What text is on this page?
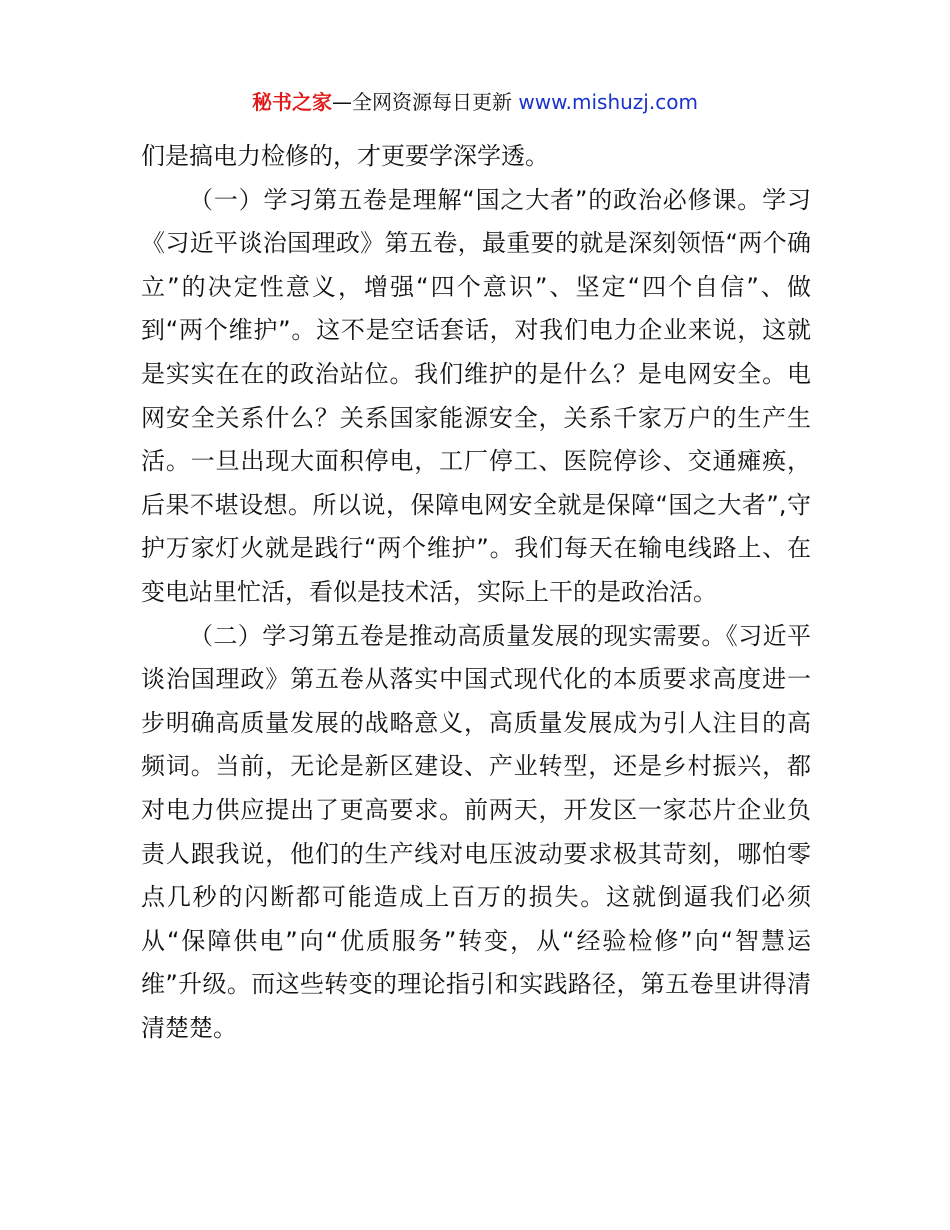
秘书之家—全网资源每日更新 www.mishuzj.com

们是搞电力检修的，才更要学深学透。

（一）学习第五卷是理解“国之大者”的政治必修课。学习《习近平谈治国理政》第五卷，最重要的就是深刻领悟“两个确立”的决定性意义，增强“四个意识”、坚定“四个自信”、做到“两个维护”。这不是空话套话，对我们电力企业来说，这就是实实在在的政治站位。我们维护的是什么？是电网安全。电网安全关系什么？关系国家能源安全，关系千家万户的生产生活。一旦出现大面积停电，工厂停工、医院停诊、交通瘫痪，后果不堪设想。所以说，保障电网安全就是保障“国之大者”,守护万家灯火就是践行“两个维护”。我们每天在输电线路上、在变电站里忙活，看似是技术活，实际上干的是政治活。

（二）学习第五卷是推动高质量发展的现实需要。《习近平谈治国理政》第五卷从落实中国式现代化的本质要求高度进一步明确高质量发展的战略意义，高质量发展成为引人注目的高频词。当前，无论是新区建设、产业转型，还是乡村振兴，都对电力供应提出了更高要求。前两天，开发区一家芯片企业负责人跟我说，他们的生产线对电压波动要求极其苛刻，哪怕零点几秒的闪断都可能造成上百万的损失。这就倒逼我们必须从“保障供电”向“优质服务”转变，从“经验检修”向“智慧运维”升级。而这些转变的理论指引和实践路径，第五卷里讲得清清楚楚。
